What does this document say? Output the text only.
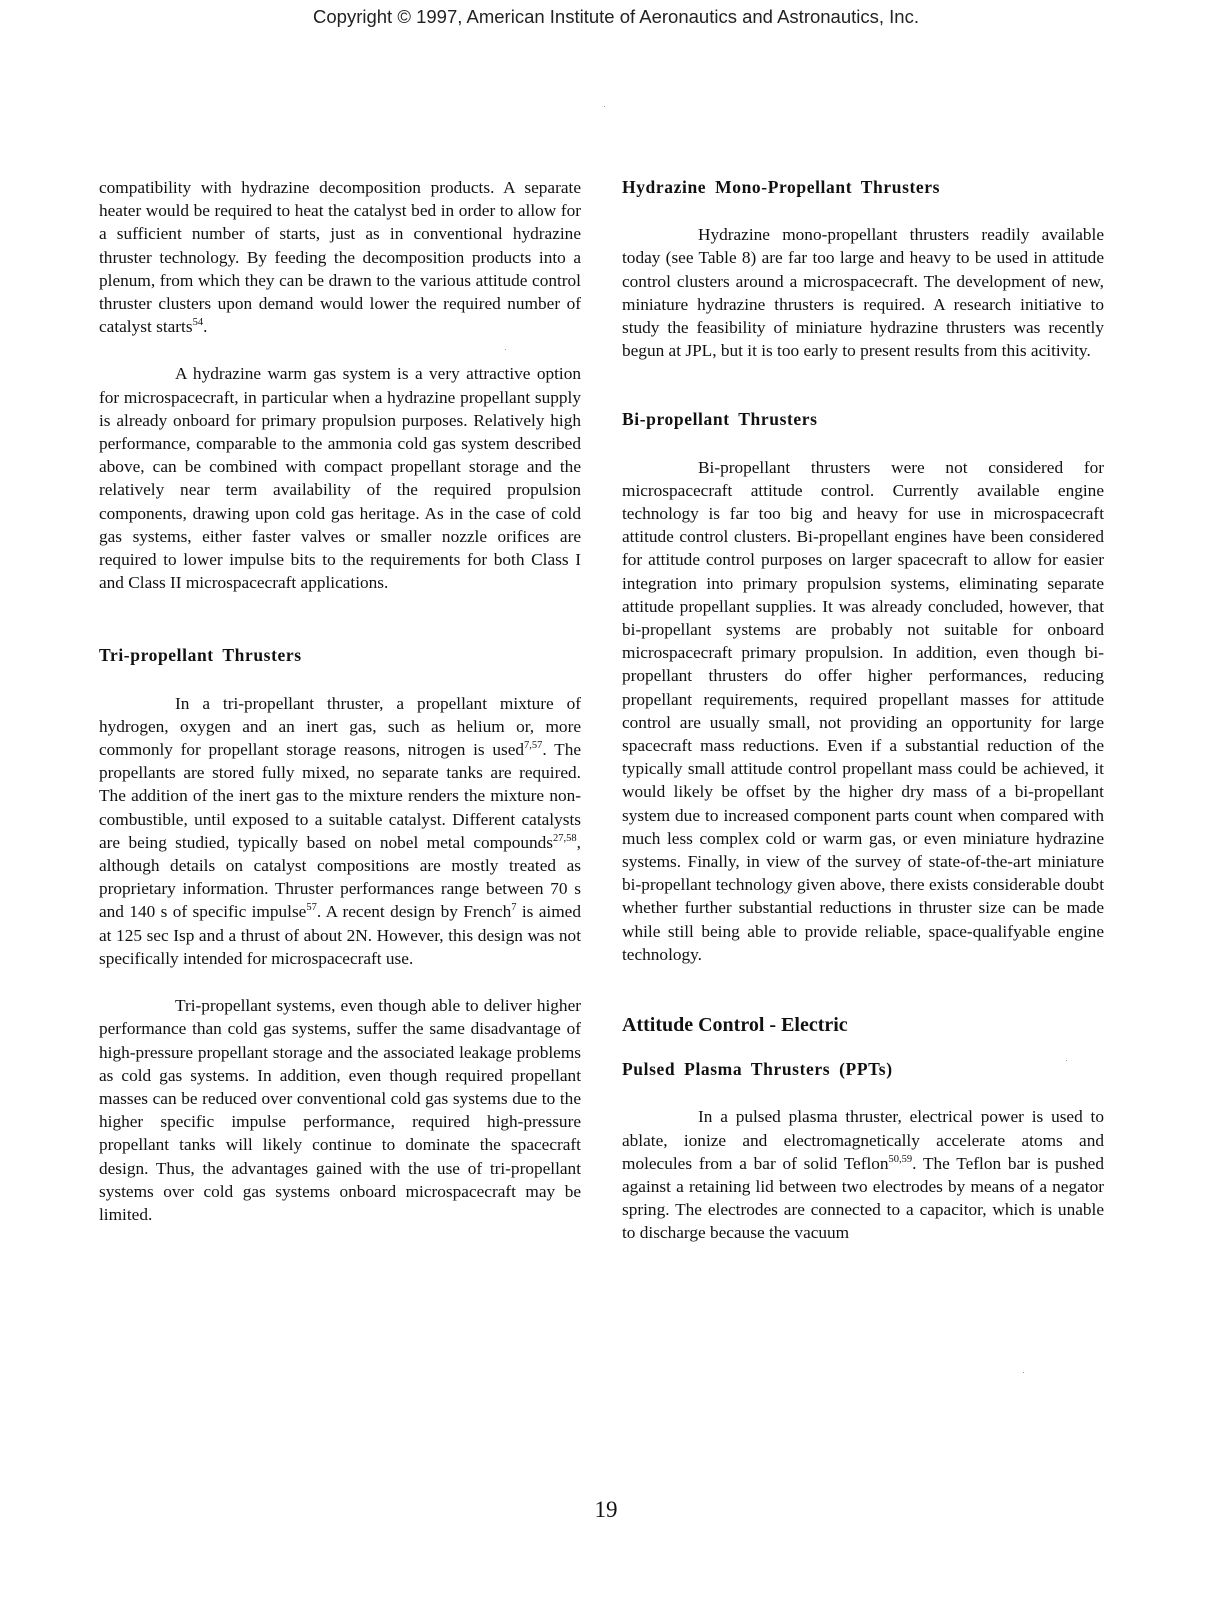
Copyright © 1997, American Institute of Aeronautics and Astronautics, Inc.

compatibility with hydrazine decomposition products. A separate heater would be required to heat the catalyst bed in order to allow for a sufficient number of starts, just as in conventional hydrazine thruster technology. By feeding the decomposition products into a plenum, from which they can be drawn to the various attitude control thruster clusters upon demand would lower the required number of catalyst starts$^{54}$.

A hydrazine warm gas system is a very attractive option for microspacecraft, in particular when a hydrazine propellant supply is already onboard for primary propulsion purposes. Relatively high performance, comparable to the ammonia cold gas system described above, can be combined with compact propellant storage and the relatively near term availability of the required propulsion components, drawing upon cold gas heritage. As in the case of cold gas systems, either faster valves or smaller nozzle orifices are required to lower impulse bits to the requirements for both Class I and Class II microspacecraft applications.

Tri-propellant Thrusters

In a tri-propellant thruster, a propellant mixture of hydrogen, oxygen and an inert gas, such as helium or, more commonly for propellant storage reasons, nitrogen is used$^{7,57}$. The propellants are stored fully mixed, no separate tanks are required. The addition of the inert gas to the mixture renders the mixture non-combustible, until exposed to a suitable catalyst. Different catalysts are being studied, typically based on nobel metal compounds$^{27,58}$, although details on catalyst compositions are mostly treated as proprietary information. Thruster performances range between 70 s and 140 s of specific impulse$^{57}$. A recent design by French$^7$ is aimed at 125 sec Isp and a thrust of about 2N. However, this design was not specifically intended for microspacecraft use.

Tri-propellant systems, even though able to deliver higher performance than cold gas systems, suffer the same disadvantage of high-pressure propellant storage and the associated leakage problems as cold gas systems. In addition, even though required propellant masses can be reduced over conventional cold gas systems due to the higher specific impulse performance, required high-pressure propellant tanks will likely continue to dominate the spacecraft design. Thus, the advantages gained with the use of tri-propellant systems over cold gas systems onboard microspacecraft may be limited.

Hydrazine Mono-Propellant Thrusters

Hydrazine mono-propellant thrusters readily available today (see Table 8) are far too large and heavy to be used in attitude control clusters around a microspacecraft. The development of new, miniature hydrazine thrusters is required. A research initiative to study the feasibility of miniature hydrazine thrusters was recently begun at JPL, but it is too early to present results from this acitivity.

Bi-propellant Thrusters

Bi-propellant thrusters were not considered for microspacecraft attitude control. Currently available engine technology is far too big and heavy for use in microspacecraft attitude control clusters. Bi-propellant engines have been considered for attitude control purposes on larger spacecraft to allow for easier integration into primary propulsion systems, eliminating separate attitude propellant supplies. It was already concluded, however, that bi-propellant systems are probably not suitable for onboard microspacecraft primary propulsion. In addition, even though bi-propellant thrusters do offer higher performances, reducing propellant requirements, required propellant masses for attitude control are usually small, not providing an opportunity for large spacecraft mass reductions. Even if a substantial reduction of the typically small attitude control propellant mass could be achieved, it would likely be offset by the higher dry mass of a bi-propellant system due to increased component parts count when compared with much less complex cold or warm gas, or even miniature hydrazine systems. Finally, in view of the survey of state-of-the-art miniature bi-propellant technology given above, there exists considerable doubt whether further substantial reductions in thruster size can be made while still being able to provide reliable, space-qualifyable engine technology.

Attitude Control - Electric

Pulsed Plasma Thrusters (PPTs)

In a pulsed plasma thruster, electrical power is used to ablate, ionize and electromagnetically accelerate atoms and molecules from a bar of solid Teflon$^{50,59}$. The Teflon bar is pushed against a retaining lid between two electrodes by means of a negator spring. The electrodes are connected to a capacitor, which is unable to discharge because the vacuum

19
